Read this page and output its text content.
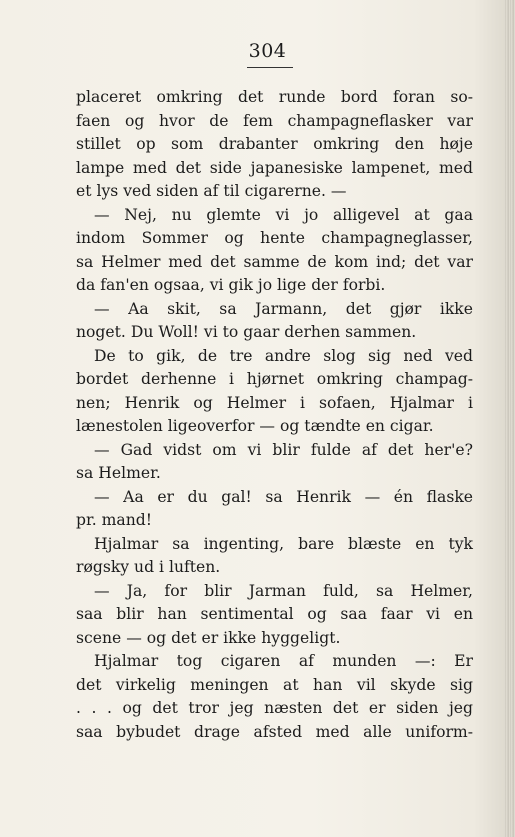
304
placeret omkring det runde bord foran so-
faen og hvor de fem champagneflasker var
stillet op som drabanter omkring den høje
lampe med det side japanesiske lampenet, med
et lys ved siden af til cigarerne. —
— Nej, nu glemte vi jo alligevel at gaa
indom Sommer og hente champagneglasser,
sa Helmer med det samme de kom ind; det var
da fan'en ogsaa, vi gik jo lige der forbi.
— Aa skit, sa Jarmann, det gjør ikke
noget. Du Woll! vi to gaar derhen sammen.
De to gik, de tre andre slog sig ned ved
bordet derhenne i hjørnet omkring champag-
nen; Henrik og Helmer i sofaen, Hjalmar i
lænestolen ligeoverfor — og tændte en cigar.
— Gad vidst om vi blir fulde af det her'e?
sa Helmer.
— Aa er du gal! sa Henrik — én flaske
pr. mand!
Hjalmar sa ingenting, bare blæste en tyk
røgsky ud i luften.
— Ja, for blir Jarman fuld, sa Helmer,
saa blir han sentimental og saa faar vi en
scene — og det er ikke hyggeligt.
Hjalmar tog cigaren af munden —: Er
det virkelig meningen at han vil skyde sig
. . . og det tror jeg næsten det er siden jeg
saa bybudet drage afsted med alle uniform-
